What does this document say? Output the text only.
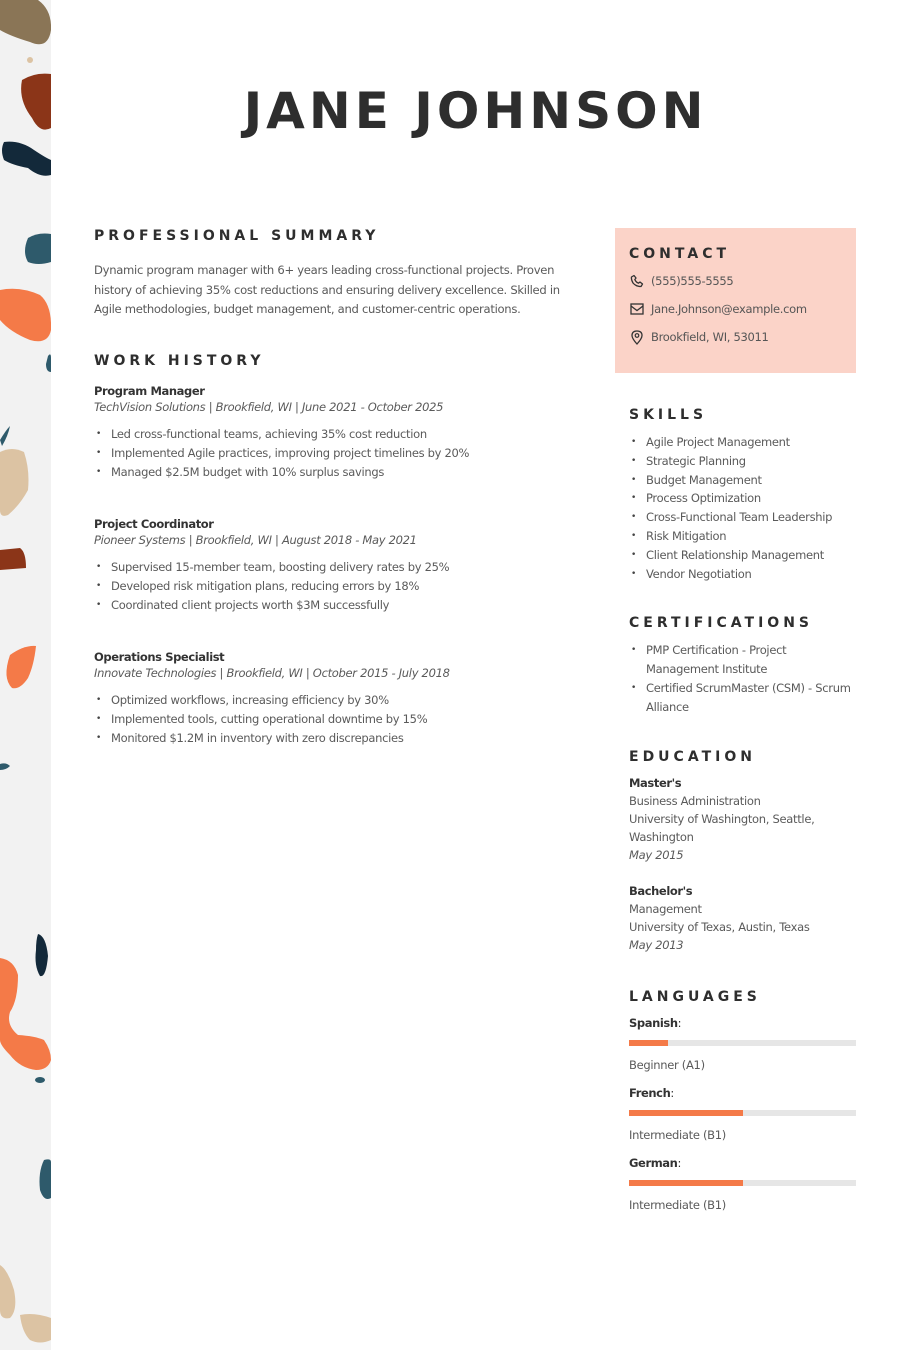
JANE JOHNSON
PROFESSIONAL SUMMARY

Dynamic program manager with 6+ years leading cross-functional projects. Proven history of achieving 35% cost reductions and ensuring delivery excellence. Skilled in Agile methodologies, budget management, and customer-centric operations.

WORK HISTORY
Program Manager
TechVision Solutions | Brookfield, WI | June 2021 - October 2025
• Led cross-functional teams, achieving 35% cost reduction
• Implemented Agile practices, improving project timelines by 20%
• Managed $2.5M budget with 10% surplus savings
Project Coordinator
Pioneer Systems | Brookfield, WI | August 2018 - May 2021
• Supervised 15-member team, boosting delivery rates by 25%
• Developed risk mitigation plans, reducing errors by 18%
• Coordinated client projects worth $3M successfully
Operations Specialist
Innovate Technologies | Brookfield, WI | October 2015 - July 2018
• Optimized workflows, increasing efficiency by 30%
• Implemented tools, cutting operational downtime by 15%
• Monitored $1.2M in inventory with zero discrepancies
CONTACT
(555)555-5555
Jane.Johnson@example.com
Brookfield, WI, 53011
SKILLS
• Agile Project Management
• Strategic Planning
• Budget Management
• Process Optimization
• Cross-Functional Team Leadership
• Risk Mitigation
• Client Relationship Management
• Vendor Negotiation
CERTIFICATIONS
• PMP Certification - Project Management Institute
• Certified ScrumMaster (CSM) - Scrum Alliance
EDUCATION
Master's
Business Administration
University of Washington, Seattle, Washington
May 2015
Bachelor's
Management
University of Texas, Austin, Texas
May 2013
LANGUAGES
Spanish:
Beginner (A1)
French:
Intermediate (B1)
German:
Intermediate (B1)
